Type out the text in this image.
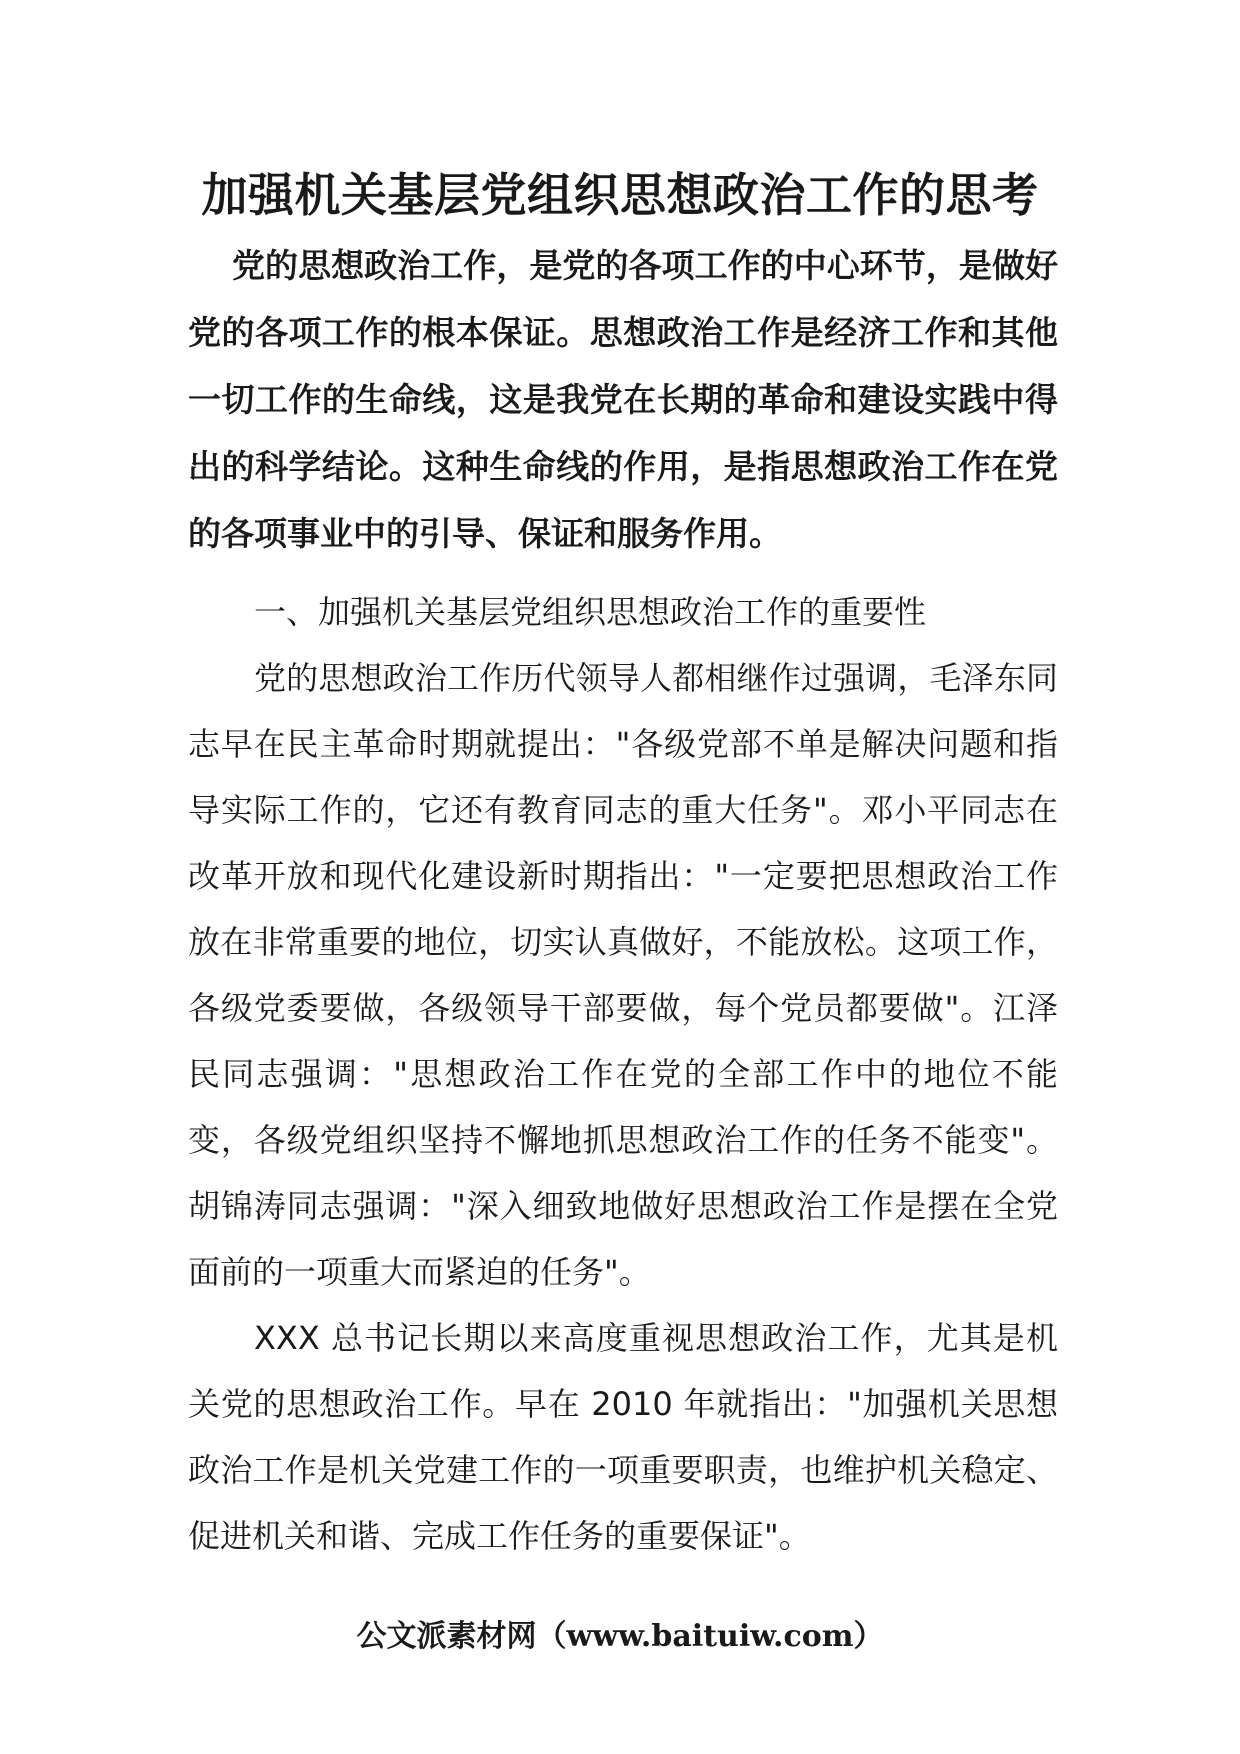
加强机关基层党组织思想政治工作的思考

党的思想政治工作，是党的各项工作的中心环节，是做好党的各项工作的根本保证。思想政治工作是经济工作和其他一切工作的生命线，这是我党在长期的革命和建设实践中得出的科学结论。这种生命线的作用，是指思想政治工作在党的各项事业中的引导、保证和服务作用。

一、加强机关基层党组织思想政治工作的重要性

党的思想政治工作历代领导人都相继作过强调，毛泽东同志早在民主革命时期就提出："各级党部不单是解决问题和指导实际工作的，它还有教育同志的重大任务"。邓小平同志在改革开放和现代化建设新时期指出："一定要把思想政治工作放在非常重要的地位，切实认真做好，不能放松。这项工作，各级党委要做，各级领导干部要做，每个党员都要做"。江泽民同志强调："思想政治工作在党的全部工作中的地位不能变，各级党组织坚持不懈地抓思想政治工作的任务不能变"。胡锦涛同志强调："深入细致地做好思想政治工作是摆在全党面前的一项重大而紧迫的任务"。

XXX 总书记长期以来高度重视思想政治工作，尤其是机关党的思想政治工作。早在 2010 年就指出："加强机关思想政治工作是机关党建工作的一项重要职责，也维护机关稳定、促进机关和谐、完成工作任务的重要保证"。

公文派素材网（www.baituiw.com）
